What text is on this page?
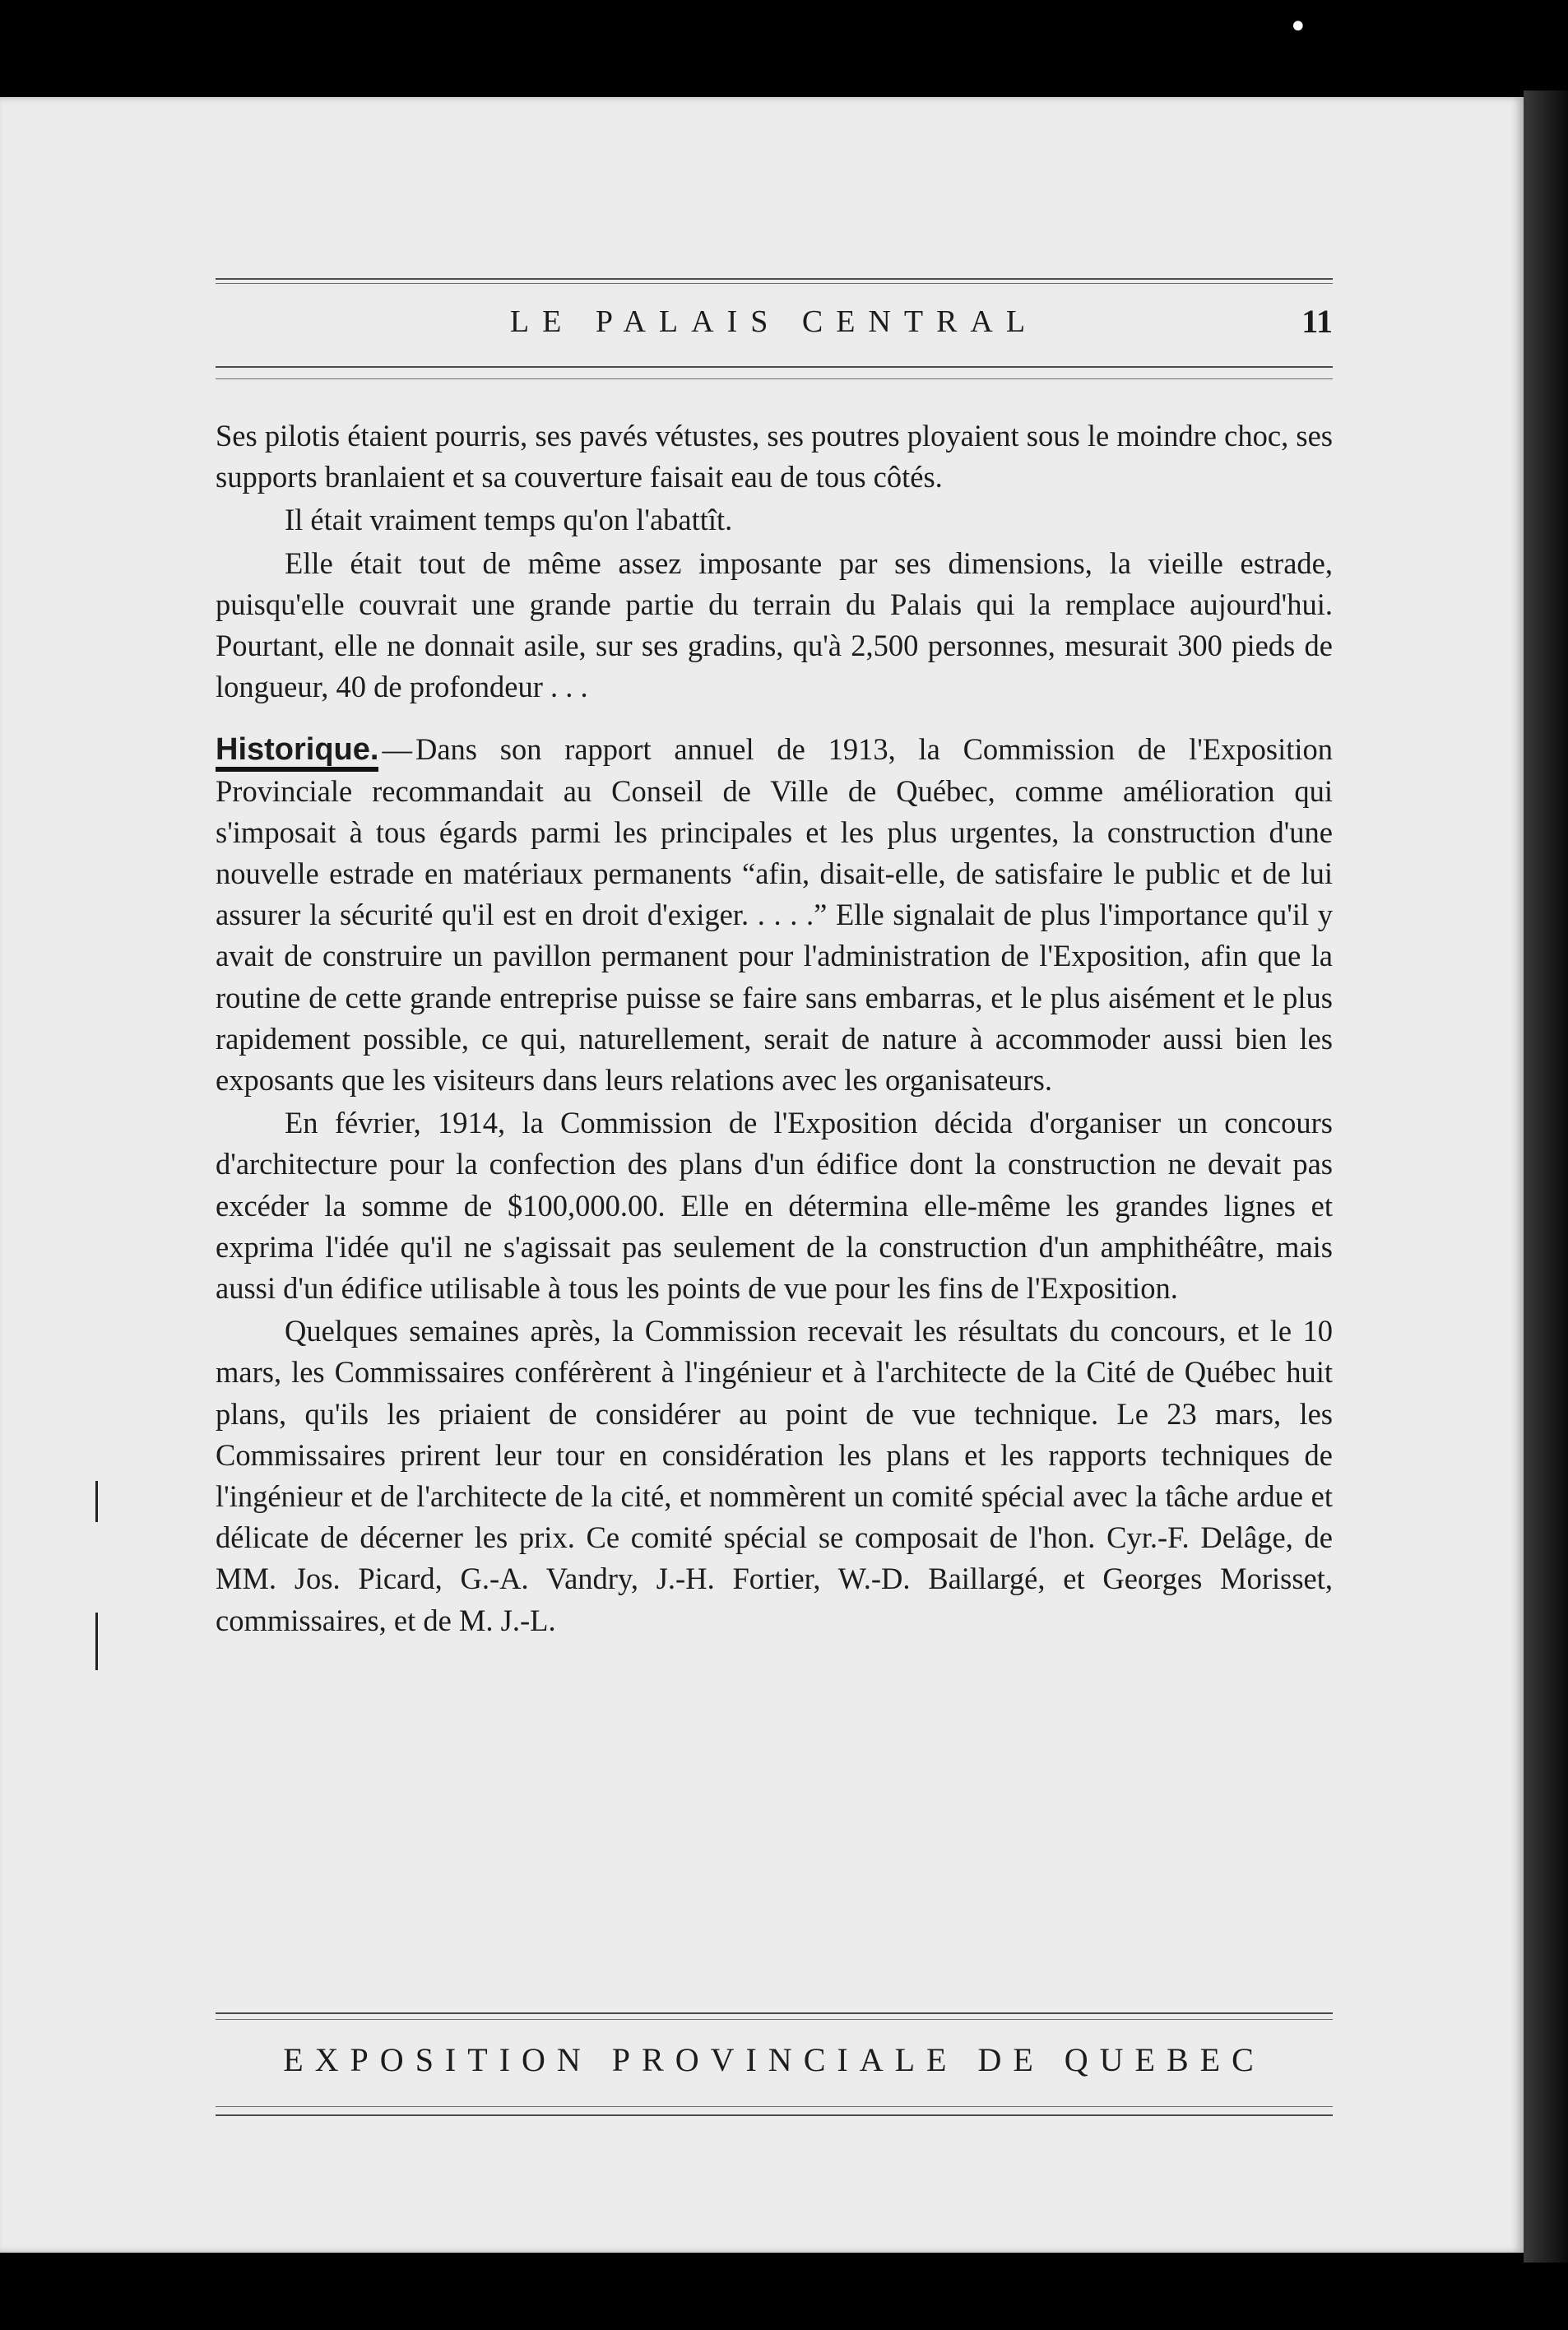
LE PALAIS CENTRAL	11

Ses pilotis étaient pourris, ses pavés vétustes, ses poutres ployaient sous le moindre choc, ses supports branlaient et sa couverture faisait eau de tous côtés.

Il était vraiment temps qu'on l'abattît.

Elle était tout de même assez imposante par ses dimensions, la vieille estrade, puisqu'elle couvrait une grande partie du terrain du Palais qui la remplace aujourd'hui. Pourtant, elle ne donnait asile, sur ses gradins, qu'à 2,500 personnes, mesurait 300 pieds de longueur, 40 de profondeur . . .

Historique. — Dans son rapport annuel de 1913, la Commission de l'Exposition Provinciale recommandait au Conseil de Ville de Québec, comme amélioration qui s'imposait à tous égards parmi les principales et les plus urgentes, la construction d'une nouvelle estrade en matériaux permanents “afin, disait-elle, de satisfaire le public et de lui assurer la sécurité qu'il est en droit d'exiger. . . . .” Elle signalait de plus l'importance qu'il y avait de construire un pavillon permanent pour l'administration de l'Exposition, afin que la routine de cette grande entreprise puisse se faire sans embarras, et le plus aisément et le plus rapidement possible, ce qui, naturellement, serait de nature à accommoder aussi bien les exposants que les visiteurs dans leurs relations avec les organisateurs.

En février, 1914, la Commission de l'Exposition décida d'organiser un concours d'architecture pour la confection des plans d'un édifice dont la construction ne devait pas excéder la somme de $100,000.00. Elle en détermina elle-même les grandes lignes et exprima l'idée qu'il ne s'agissait pas seulement de la construction d'un amphithéâtre, mais aussi d'un édifice utilisable à tous les points de vue pour les fins de l'Exposition.

Quelques semaines après, la Commission recevait les résultats du concours, et le 10 mars, les Commissaires conférèrent à l'ingénieur et à l'architecte de la Cité de Québec huit plans, qu'ils les priaient de considérer au point de vue technique. Le 23 mars, les Commissaires prirent leur tour en considération les plans et les rapports techniques de l'ingénieur et de l'architecte de la cité, et nommèrent un comité spécial avec la tâche ardue et délicate de décerner les prix. Ce comité spécial se composait de l'hon. Cyr.-F. Delâge, de MM. Jos. Picard, G.-A. Vandry, J.-H. Fortier, W.-D. Baillargé, et Georges Morisset, commissaires, et de M. J.-L.

EXPOSITION PROVINCIALE DE QUEBEC
•
